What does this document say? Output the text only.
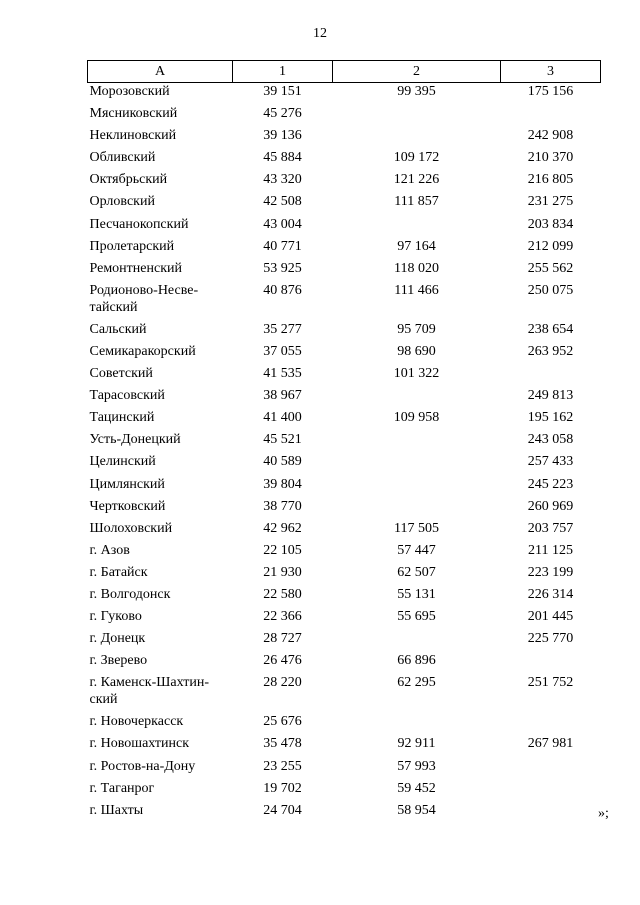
12
А	1	2	3
Морозовский	39 151	99 395	175 156
Мясниковский	45 276		
Неклиновский	39 136		242 908
Обливский	45 884	109 172	210 370
Октябрьский	43 320	121 226	216 805
Орловский	42 508	111 857	231 275
Песчанокопский	43 004		203 834
Пролетарский	40 771	97 164	212 099
Ремонтненский	53 925	118 020	255 562
Родионово-Несве-
тайский	40 876	111 466	250 075
Сальский	35 277	95 709	238 654
Семикаракорский	37 055	98 690	263 952
Советский	41 535	101 322	
Тарасовский	38 967		249 813
Тацинский	41 400	109 958	195 162
Усть-Донецкий	45 521		243 058
Целинский	40 589		257 433
Цимлянский	39 804		245 223
Чертковский	38 770		260 969
Шолоховский	42 962	117 505	203 757
г. Азов	22 105	57 447	211 125
г. Батайск	21 930	62 507	223 199
г. Волгодонск	22 580	55 131	226 314
г. Гуково	22 366	55 695	201 445
г. Донецк	28 727		225 770
г. Зверево	26 476	66 896	
г. Каменск-Шахтин-
ский	28 220	62 295	251 752
г. Новочеркасск	25 676		
г. Новошахтинск	35 478	92 911	267 981
г. Ростов-на-Дону	23 255	57 993	
г. Таганрог	19 702	59 452	
г. Шахты	24 704	58 954		»;
